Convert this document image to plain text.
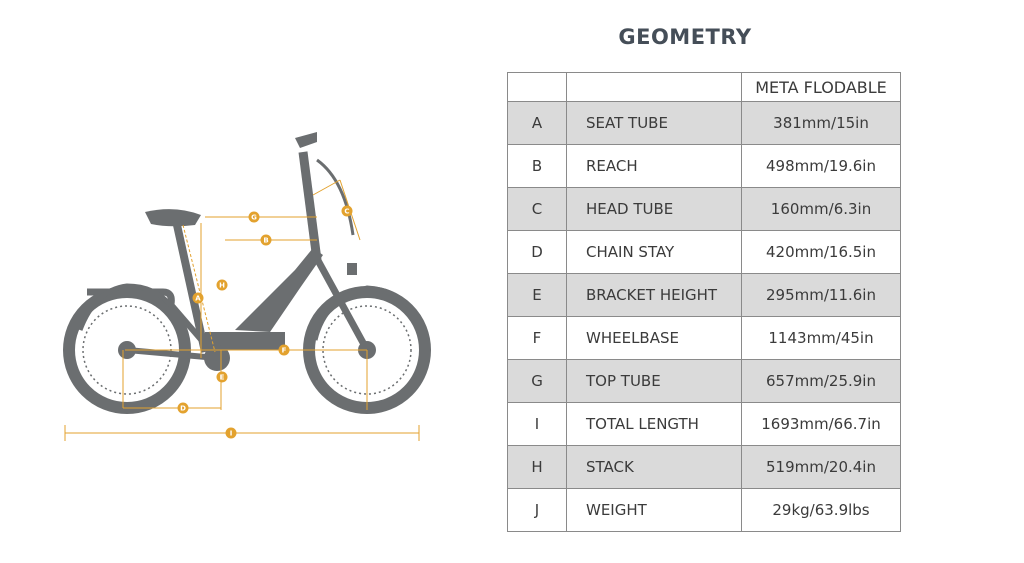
GEOMETRY
G
B
C
H
A
F
E
D
I
		META FLODABLE
A	SEAT TUBE	381mm/15in
B	REACH	498mm/19.6in
C	HEAD TUBE	160mm/6.3in
D	CHAIN STAY	420mm/16.5in
E	BRACKET HEIGHT	295mm/11.6in
F	WHEELBASE	1143mm/45in
G	TOP TUBE	657mm/25.9in
I	TOTAL LENGTH	1693mm/66.7in
H	STACK	519mm/20.4in
J	WEIGHT	29kg/63.9lbs
